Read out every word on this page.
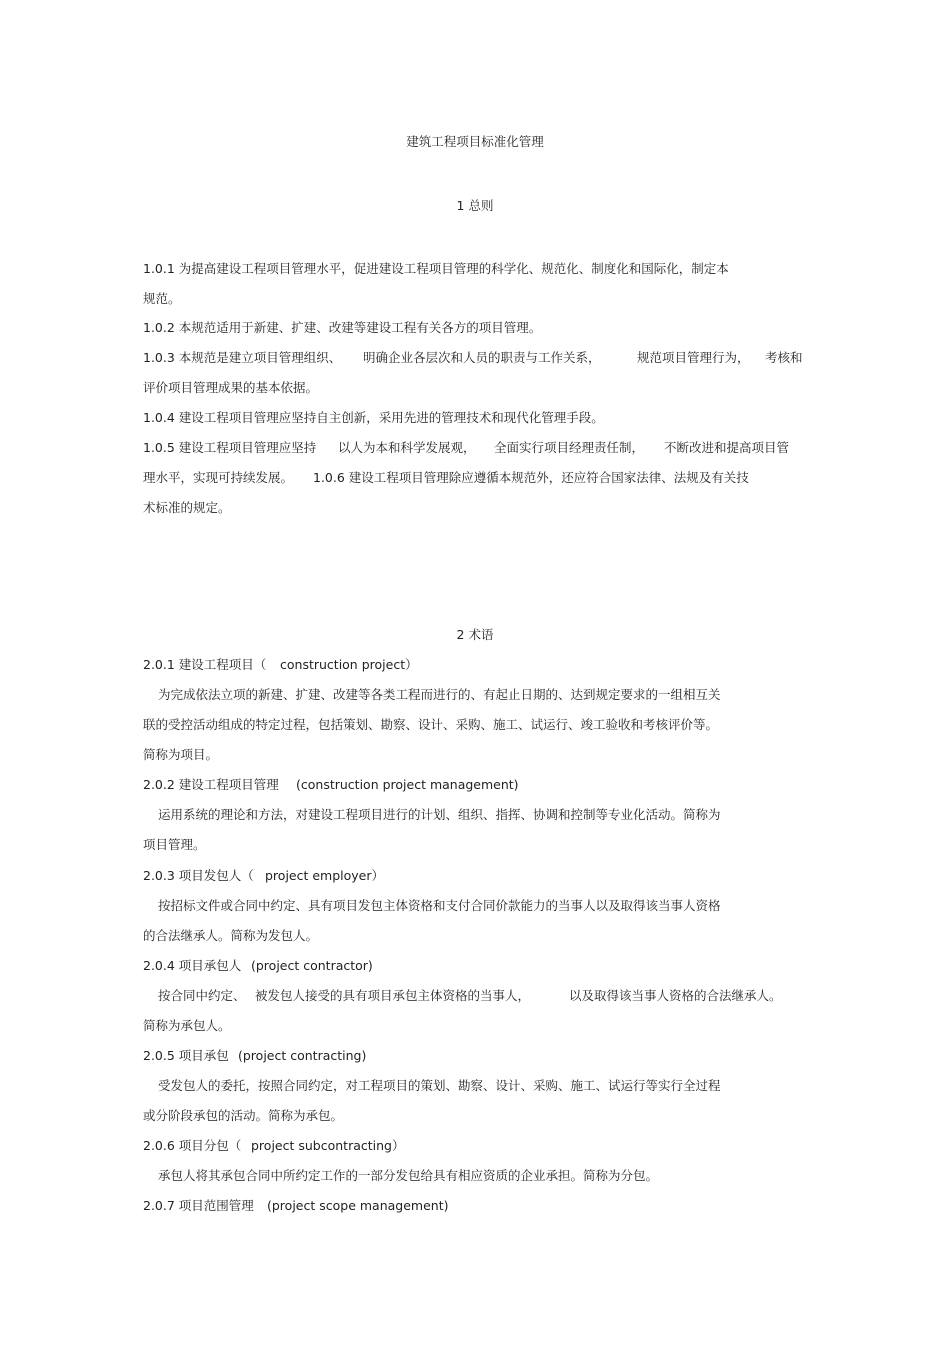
建筑工程项目标准化管理
1 总则
1.0.1 为提高建设工程项目管理水平，促进建设工程项目管理的科学化、规范化、制度化和国际化，制定本
规范。
1.0.2 本规范适用于新建、扩建、改建等建设工程有关各方的项目管理。
1.0.3 本规范是建立项目管理组织、 明确企业各层次和人员的职责与工作关系，	规范项目管理行为， 考核和
评价项目管理成果的基本依据。
1.0.4 建设工程项目管理应坚持自主创新，采用先进的管理技术和现代化管理手段。
1.0.5 建设工程项目管理应坚持 以人为本和科学发展观， 全面实行项目经理责任制， 不断改进和提高项目管
理水平，实现可持续发展。 1.0.6 建设工程项目管理除应遵循本规范外，还应符合国家法律、法规及有关技
术标准的规定。
2 术语
2.0.1 建设工程项目（ construction project）
为完成依法立项的新建、扩建、改建等各类工程而进行的、有起止日期的、达到规定要求的一组相互关
联的受控活动组成的特定过程，包括策划、勘察、设计、采购、施工、试运行、竣工验收和考核评价等。
简称为项目。
2.0.2 建设工程项目管理 (construction project management)
运用系统的理论和方法，对建设工程项目进行的计划、组织、指挥、协调和控制等专业化活动。简称为
项目管理。
2.0.3 项目发包人（ project employer）
按招标文件或合同中约定、具有项目发包主体资格和支付合同价款能力的当事人以及取得该当事人资格
的合法继承人。简称为发包人。
2.0.4 项目承包人 (project contractor)
按合同中约定、 被发包人接受的具有项目承包主体资格的当事人，	以及取得该当事人资格的合法继承人。
简称为承包人。
2.0.5 项目承包 (project contracting)
受发包人的委托，按照合同约定，对工程项目的策划、勘察、设计、采购、施工、试运行等实行全过程
或分阶段承包的活动。简称为承包。
2.0.6 项目分包（ project subcontracting）
承包人将其承包合同中所约定工作的一部分发包给具有相应资质的企业承担。简称为分包。
2.0.7 项目范围管理 (project scope management)
